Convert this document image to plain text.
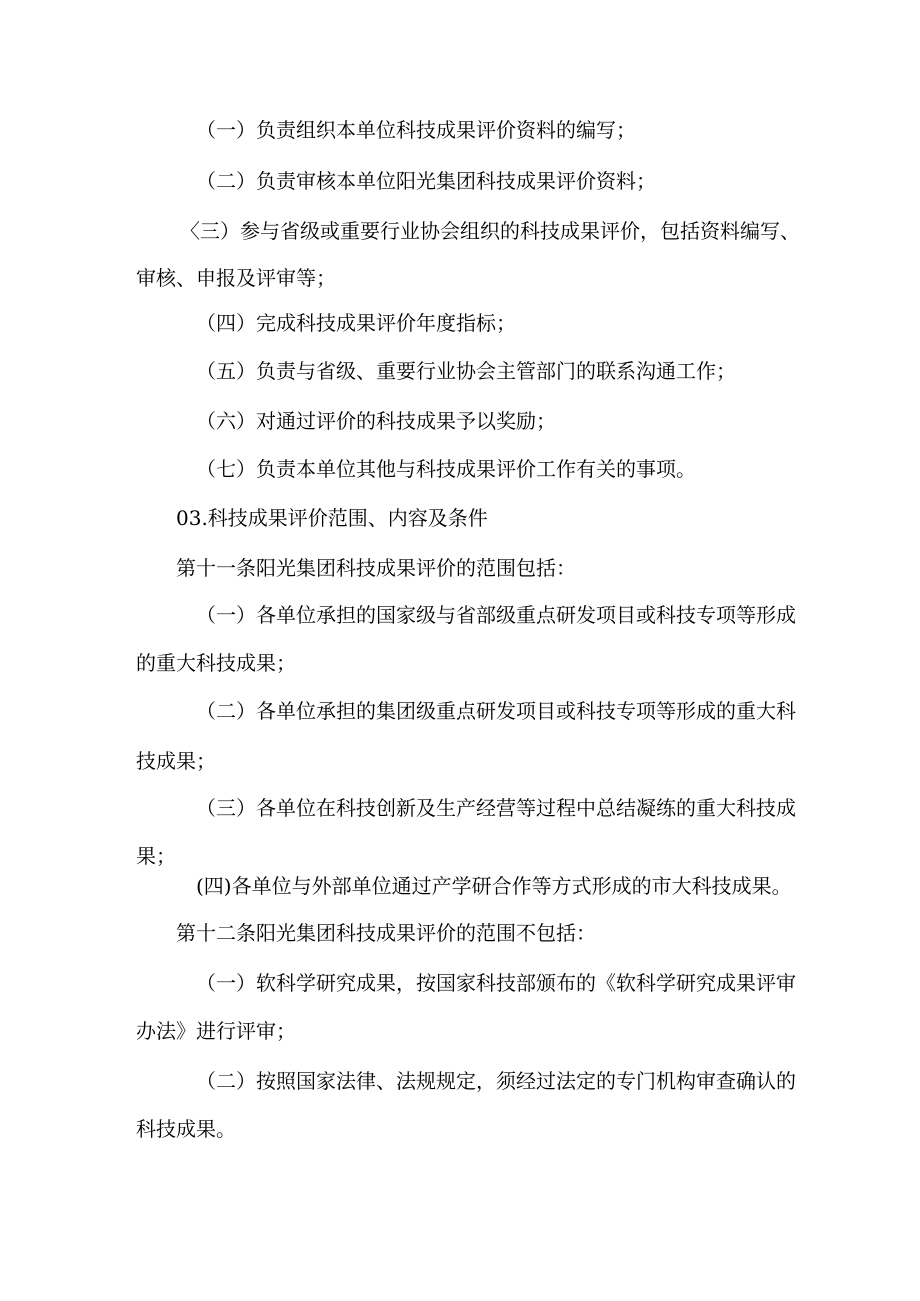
（一）负责组织本单位科技成果评价资料的编写；

（二）负责审核本单位阳光集团科技成果评价资料；

〈三）参与省级或重要行业协会组织的科技成果评价，包括资料编写、

审核、申报及评审等；

（四）完成科技成果评价年度指标；

（五）负责与省级、重要行业协会主管部门的联系沟通工作；

（六）对通过评价的科技成果予以奖励；

（七）负责本单位其他与科技成果评价工作有关的事项。

03.科技成果评价范围、内容及条件

第十一条阳光集团科技成果评价的范围包括：

（一）各单位承担的国家级与省部级重点研发项目或科技专项等形成

的重大科技成果；

（二）各单位承担的集团级重点研发项目或科技专项等形成的重大科

技成果；

（三）各单位在科技创新及生产经营等过程中总结凝练的重大科技成

果；

(四)各单位与外部单位通过产学研合作等方式形成的市大科技成果。

第十二条阳光集团科技成果评价的范围不包括：

（一）软科学研究成果，按国家科技部颁布的《软科学研究成果评审

办法》进行评审；

（二）按照国家法律、法规规定，须经过法定的专门机构审查确认的

科技成果。
